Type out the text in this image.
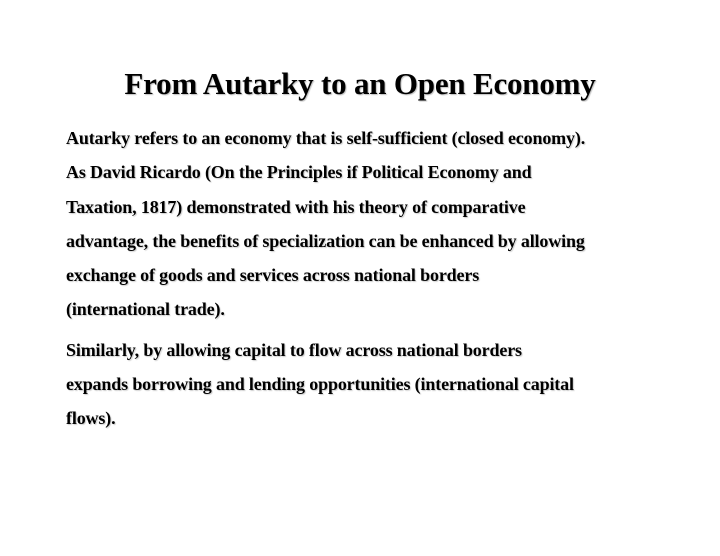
From Autarky to an Open Economy

Autarky refers to an economy that is self-sufficient (closed economy).
As David Ricardo (On the Principles if Political Economy and
Taxation, 1817) demonstrated with his theory of comparative
advantage, the benefits of specialization can be enhanced by allowing
exchange of goods and services across national borders
(international trade).

Similarly, by allowing capital to flow across national borders
expands borrowing and lending opportunities (international capital
flows).
